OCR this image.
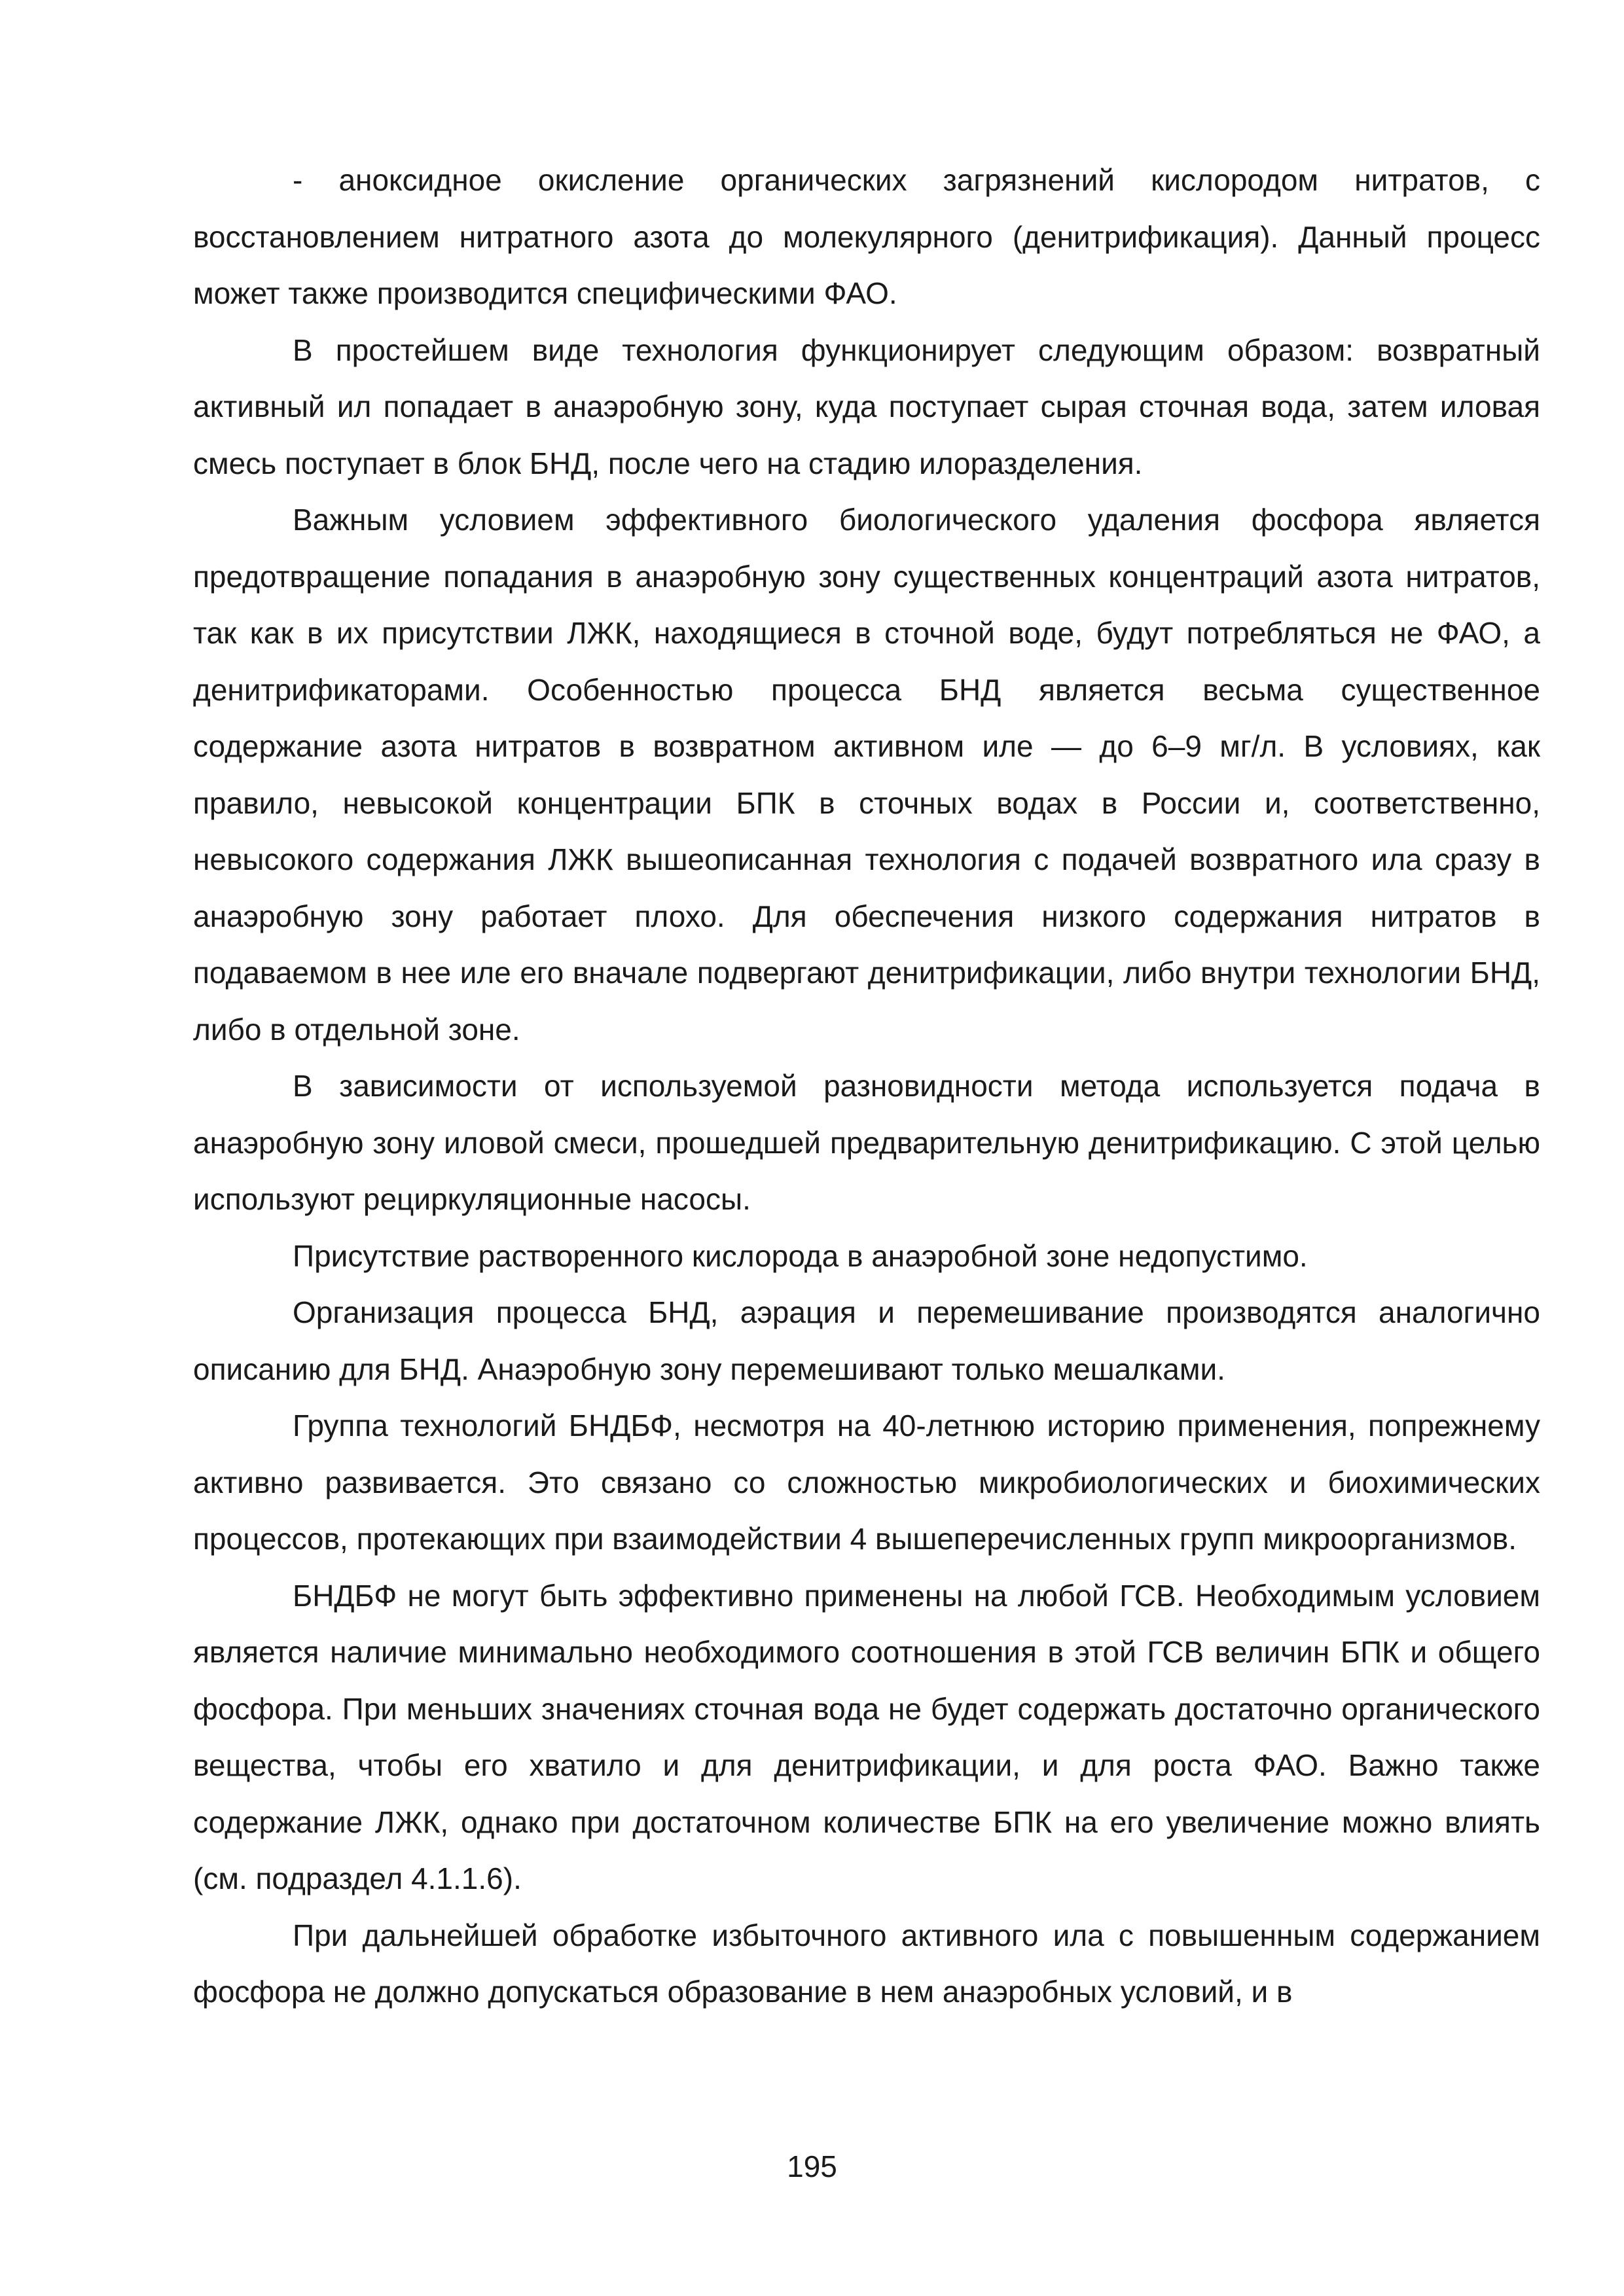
- аноксидное окисление органических загрязнений кислородом нитратов, с восстановлением нитратного азота до молекулярного (денитрификация). Данный процесс может также производится специфическими ФАО.

В простейшем виде технология функционирует следующим образом: возвратный активный ил попадает в анаэробную зону, куда поступает сырая сточная вода, затем иловая смесь поступает в блок БНД, после чего на стадию илоразделения.

Важным условием эффективного биологического удаления фосфора является предотвращение попадания в анаэробную зону существенных концентраций азота нитратов, так как в их присутствии ЛЖК, находящиеся в сточной воде, будут потребляться не ФАО, а денитрификаторами. Особенностью процесса БНД является весьма существенное содержание азота нитратов в возвратном активном иле — до 6–9 мг/л. В условиях, как правило, невысокой концентрации БПК в сточных водах в России и, соответственно, невысокого содержания ЛЖК вышеописанная технология с подачей возвратного ила сразу в анаэробную зону работает плохо. Для обеспечения низкого содержания нитратов в подаваемом в нее иле его вначале подвергают денитрификации, либо внутри технологии БНД, либо в отдельной зоне.

В зависимости от используемой разновидности метода используется подача в анаэробную зону иловой смеси, прошедшей предварительную денитрификацию. С этой целью используют рециркуляционные насосы.

Присутствие растворенного кислорода в анаэробной зоне недопустимо.

Организация процесса БНД, аэрация и перемешивание производятся аналогично описанию для БНД. Анаэробную зону перемешивают только мешалками.

Группа технологий БНДБФ, несмотря на 40-летнюю историю применения, попрежнему активно развивается. Это связано со сложностью микробиологических и биохимических процессов, протекающих при взаимодействии 4 вышеперечисленных групп микроорганизмов.

БНДБФ не могут быть эффективно применены на любой ГСВ. Необходимым условием является наличие минимально необходимого соотношения в этой ГСВ величин БПК и общего фосфора. При меньших значениях сточная вода не будет содержать достаточно органического вещества, чтобы его хватило и для денитрификации, и для роста ФАО. Важно также содержание ЛЖК, однако при достаточном количестве БПК на его увеличение можно влиять (см. подраздел 4.1.1.6).

При дальнейшей обработке избыточного активного ила с повышенным содержанием фосфора не должно допускаться образование в нем анаэробных условий, и в

195
